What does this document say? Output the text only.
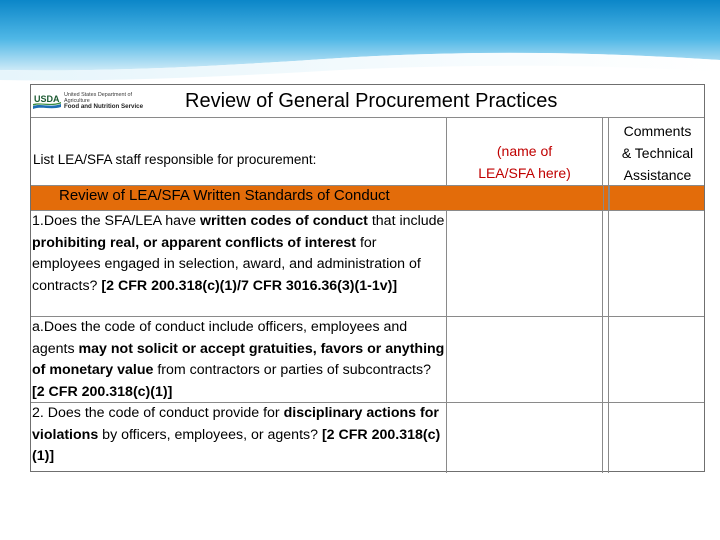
USDA United States Department of Agriculture
Food and Nutrition Service	Review of General Procurement Practices
List LEA/SFA staff responsible for procurement:
(name of
LEA/SFA here)
Comments
& Technical
Assistance
Review of LEA/SFA Written Standards of Conduct
1.Does the SFA/LEA have written codes of conduct that include prohibiting real, or apparent conflicts of interest for employees engaged in selection, award, and administration of contracts? [2 CFR 200.318(c)(1)/7 CFR 3016.36(3)(1-1v)]
a.Does the code of conduct include officers, employees and agents may not solicit or accept gratuities, favors or anything of monetary value from contractors or parties of subcontracts? [2 CFR 200.318(c)(1)]
2. Does the code of conduct provide for disciplinary actions for violations by officers, employees, or agents? [2 CFR 200.318(c)(1)]
